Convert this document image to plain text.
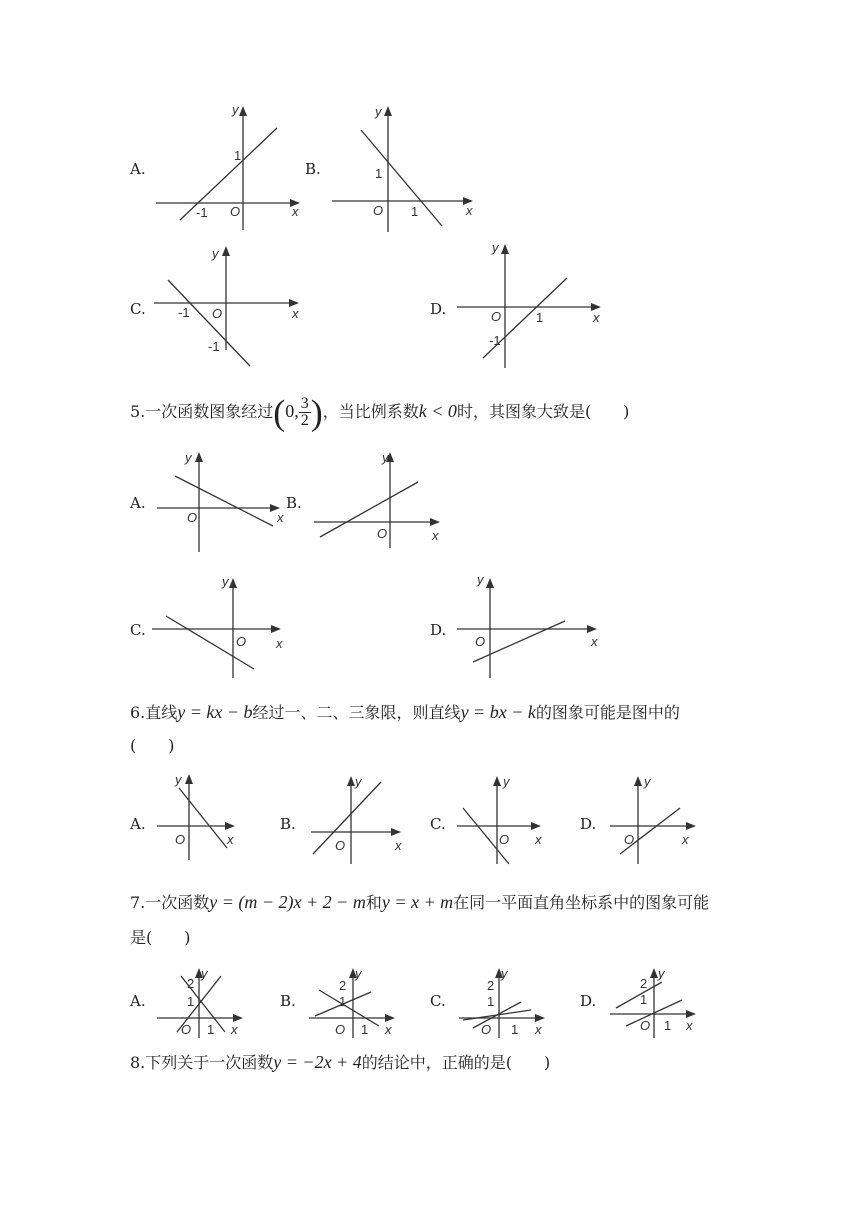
A.
y
x
O
-1
1
B.
y
x
O 1
1
C.
y
x
O
-1
-1
D.
y
x
O	1
-1
5.一次函数图象经过(0, $\frac{3}{2}$ )，当比例系数k < 0时，其图象大致是(　　)
A.
y
x
O
B.
y
x
O
C.
y
x
O
D.
y
x
O
6.直线y = kx − b经过一、二、三象限，则直线y = bx − k的图象可能是图中的
(　　)
A.
y
x
O
B.
y
x
O
C.
y
x
O
D.
y
x
O
7.一次函数y = (m − 2)x + 2 − m和y = x + m在同一平面直角坐标系中的图象可能
是(　　)
A.
y
x
O
2
1
1
B.
y
x
O
2
1
1
C.
y
x
O
2
1
1
D.
y
x
O
2
1
1
8.下列关于一次函数y = −2x + 4的结论中，正确的是(　　)
